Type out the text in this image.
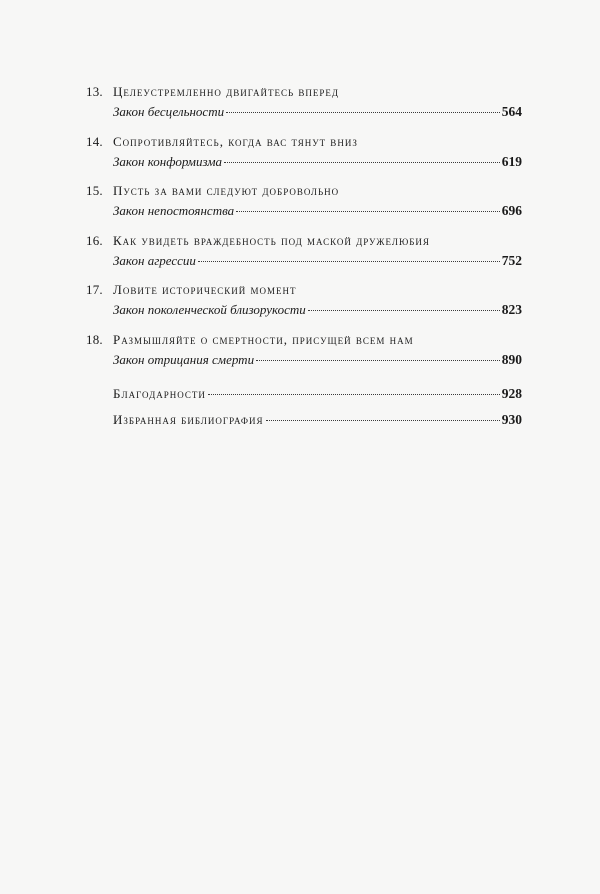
13. Целеустремленно двигайтесь вперед
Закон бесцельности	564
14. Сопротивляйтесь, когда вас тянут вниз
Закон конформизма	619
15. Пусть за вами следуют добровольно
Закон непостоянства	696
16. Как увидеть враждебность под маской дружелюбия
Закон агрессии	752
17. Ловите исторический момент
Закон поколенческой близорукости	823
18. Размышляйте о смертности, присущей всем нам
Закон отрицания смерти	890
Благодарности	928
Избранная библиография	930
